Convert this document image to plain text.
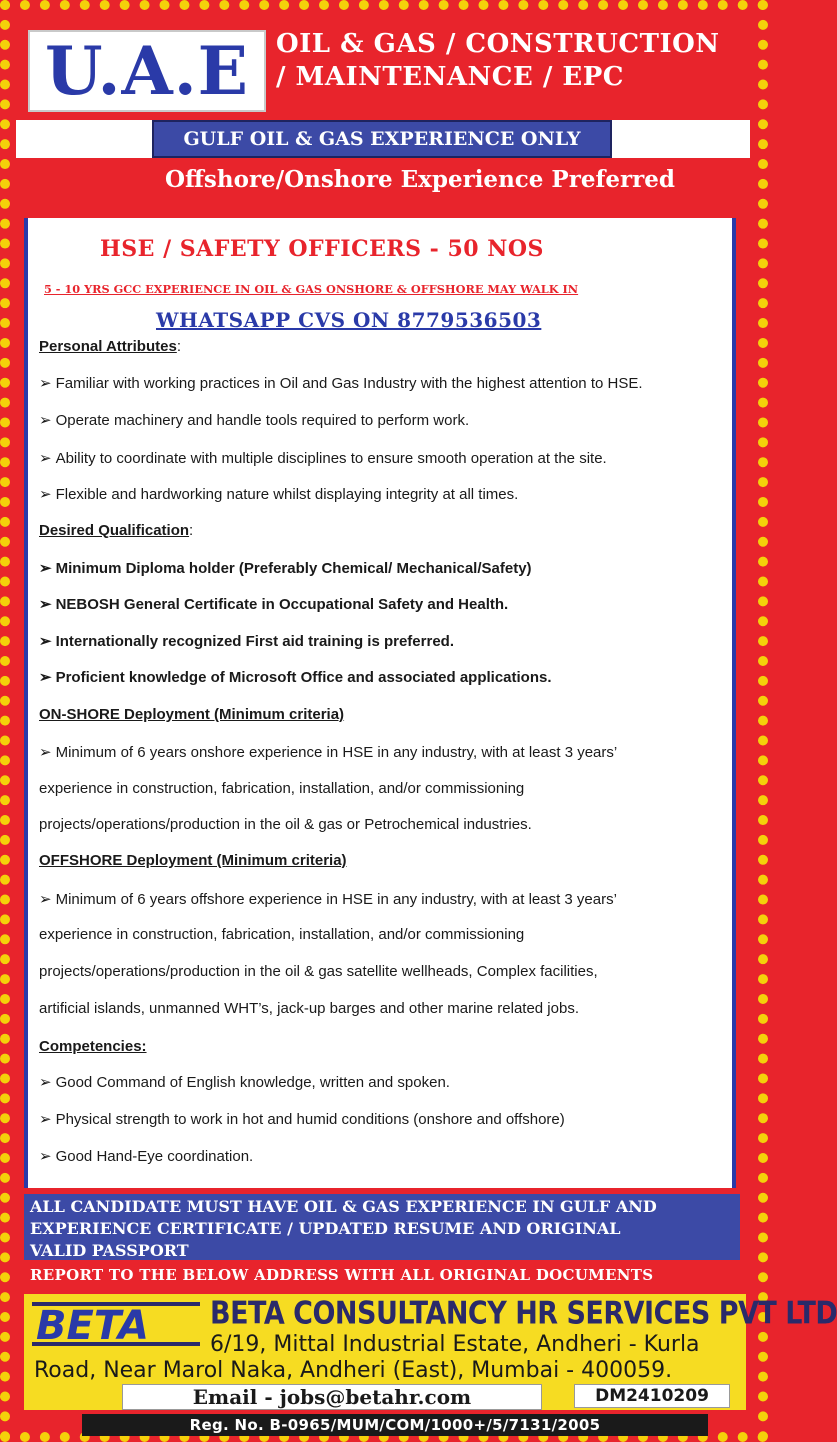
U.A.E OIL & GAS / CONSTRUCTION
/ MAINTENANCE / EPC
GULF OIL & GAS EXPERIENCE ONLY
Offshore/Onshore Experience Preferred
HSE / SAFETY OFFICERS - 50 NOS
5 - 10 YRS GCC EXPERIENCE IN OIL & GAS ONSHORE & OFFSHORE MAY WALK IN
WHATSAPP CVS ON 8779536503
Personal Attributes:
➢ Familiar with working practices in Oil and Gas Industry with the highest attention to HSE.
➢ Operate machinery and handle tools required to perform work.
➢ Ability to coordinate with multiple disciplines to ensure smooth operation at the site.
➢ Flexible and hardworking nature whilst displaying integrity at all times.
Desired Qualification:
➢ Minimum Diploma holder (Preferably Chemical/ Mechanical/Safety)
➢ NEBOSH General Certificate in Occupational Safety and Health.
➢ Internationally recognized First aid training is preferred.
➢ Proficient knowledge of Microsoft Office and associated applications.
ON-SHORE Deployment (Minimum criteria)
➢ Minimum of 6 years onshore experience in HSE in any industry, with at least 3 years’
experience in construction, fabrication, installation, and/or commissioning
projects/operations/production in the oil & gas or Petrochemical industries.
OFFSHORE Deployment (Minimum criteria)
➢ Minimum of 6 years offshore experience in HSE in any industry, with at least 3 years’
experience in construction, fabrication, installation, and/or commissioning
projects/operations/production in the oil & gas satellite wellheads, Complex facilities,
artificial islands, unmanned WHT’s, jack-up barges and other marine related jobs.
Competencies:
➢ Good Command of English knowledge, written and spoken.
➢ Physical strength to work in hot and humid conditions (onshore and offshore)
➢ Good Hand-Eye coordination.
ALL CANDIDATE MUST HAVE OIL & GAS EXPERIENCE IN GULF AND
EXPERIENCE CERTIFICATE / UPDATED RESUME AND ORIGINAL
VALID PASSPORT
REPORT TO THE BELOW ADDRESS WITH ALL ORIGINAL DOCUMENTS
BETA BETA CONSULTANCY HR SERVICES PVT LTD
6/19, Mittal Industrial Estate, Andheri - Kurla
Road, Near Marol Naka, Andheri (East), Mumbai - 400059.
Email - jobs@betahr.com	DM2410209
Reg. No. B-0965/MUM/COM/1000+/5/7131/2005
